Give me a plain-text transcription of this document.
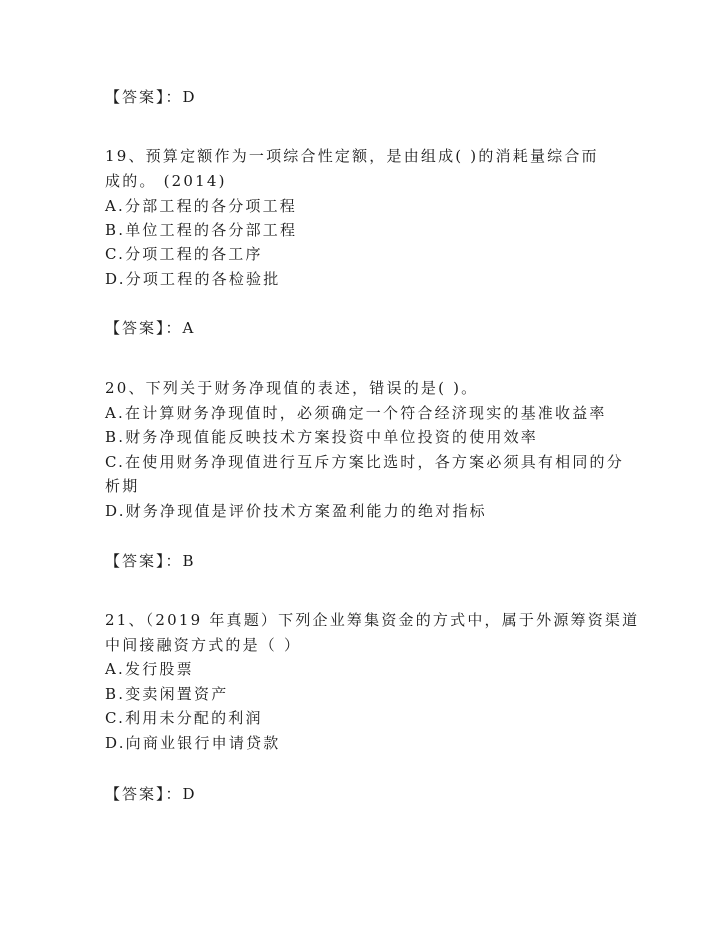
【答案】：D

19、预算定额作为一项综合性定额，是由组成( )的消耗量综合而

成的。 (2014)

A.分部工程的各分项工程

B.单位工程的各分部工程

C.分项工程的各工序

D.分项工程的各检验批

【答案】：A

20、下列关于财务净现值的表述，错误的是( )。

A.在计算财务净现值时，必须确定一个符合经济现实的基准收益率

B.财务净现值能反映技术方案投资中单位投资的使用效率

C.在使用财务净现值进行互斥方案比选时，各方案必须具有相同的分

析期

D.财务净现值是评价技术方案盈利能力的绝对指标

【答案】：B

21、（2019 年真题）下列企业筹集资金的方式中，属于外源筹资渠道

中间接融资方式的是（ ）

A.发行股票

B.变卖闲置资产

C.利用未分配的利润

D.向商业银行申请贷款

【答案】：D
